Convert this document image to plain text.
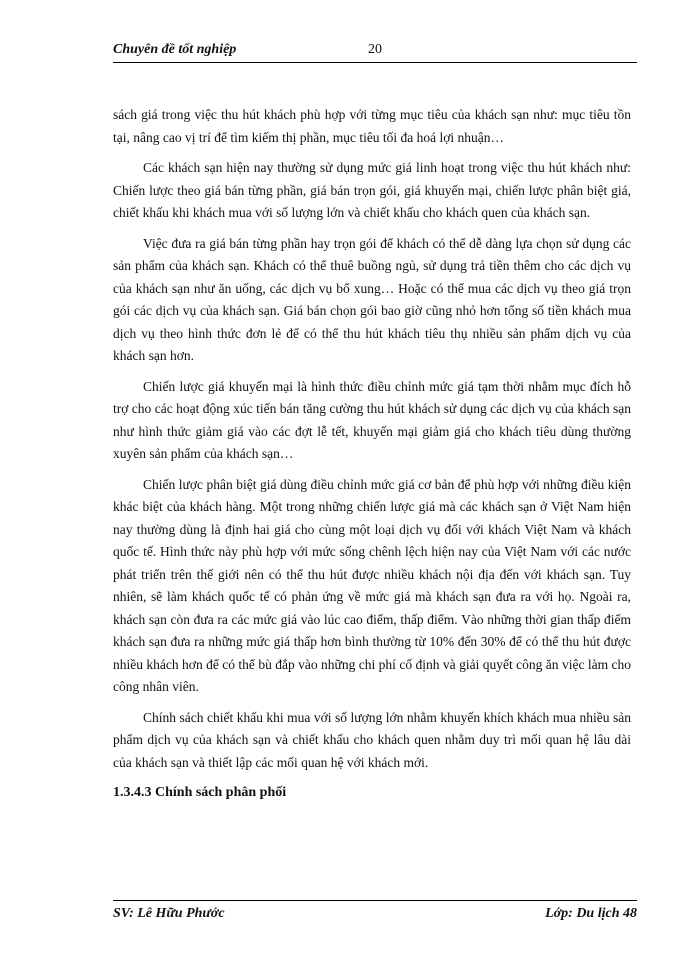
Chuyên đề tốt nghiệp	20

sách giá trong việc thu hút khách phù hợp với từng mục tiêu của khách sạn như: mục tiêu tồn tại, nâng cao vị trí để tìm kiếm thị phần, mục tiêu tối đa hoá lợi nhuận…

Các khách sạn hiện nay thường sử dụng mức giá linh hoạt trong việc thu hút khách như: Chiến lược theo giá bán từng phần, giá bán trọn gói, giá khuyến mại, chiến lược phân biệt giá, chiết khấu khi khách mua với số lượng lớn và chiết khấu cho khách quen của khách sạn.

Việc đưa ra giá bán từng phần hay trọn gói để khách có thể dễ dàng lựa chọn sử dụng các sản phẩm của khách sạn. Khách có thể thuê buồng ngủ, sử dụng trả tiền thêm cho các dịch vụ của khách sạn như ăn uống, các dịch vụ bổ xung… Hoặc có thể mua các dịch vụ theo giá trọn gói các dịch vụ của khách sạn. Giá bán chọn gói bao giờ cũng nhỏ hơn tổng số tiền khách mua dịch vụ theo hình thức đơn lẻ để có thể thu hút khách tiêu thụ nhiều sản phẩm dịch vụ của khách sạn hơn.

Chiến lược giá khuyến mại là hình thức điều chỉnh mức giá tạm thời nhằm mục đích hỗ trợ cho các hoạt động xúc tiến bán tăng cường thu hút khách sử dụng các dịch vụ của khách sạn như hình thức giảm giá vào các đợt lễ tết, khuyến mại giảm giá cho khách tiêu dùng thường xuyên sản phẩm của khách sạn…

Chiến lược phân biệt giá dùng điều chỉnh mức giá cơ bản để phù hợp với những điều kiện khác biệt của khách hàng. Một trong những chiến lược giá mà các khách sạn ở Việt Nam hiện nay thường dùng là định hai giá cho cùng một loại dịch vụ đối với khách Việt Nam và khách quốc tế. Hình thức này phù hợp với mức sống chênh lệch hiện nay của Việt Nam với các nước phát triển trên thế giới nên có thể thu hút được nhiều khách nội địa đến với khách sạn. Tuy nhiên, sẽ làm khách quốc tế có phản ứng về mức giá mà khách sạn đưa ra với họ. Ngoài ra, khách sạn còn đưa ra các mức giá vào lúc cao điểm, thấp điểm. Vào những thời gian thấp điểm khách sạn đưa ra những mức giá thấp hơn bình thường từ 10% đến 30% để có thể thu hút được nhiều khách hơn để có thể bù đắp vào những chi phí cố định và giải quyết công ăn việc làm cho công nhân viên.

Chính sách chiết khấu khi mua với số lượng lớn nhằm khuyến khích khách mua nhiều sản phẩm dịch vụ của khách sạn và chiết khấu cho khách quen nhằm duy trì mối quan hệ lâu dài của khách sạn và thiết lập các mối quan hệ với khách mới.

1.3.4.3 Chính sách phân phối
SV: Lê Hữu Phước	Lớp: Du lịch 48
